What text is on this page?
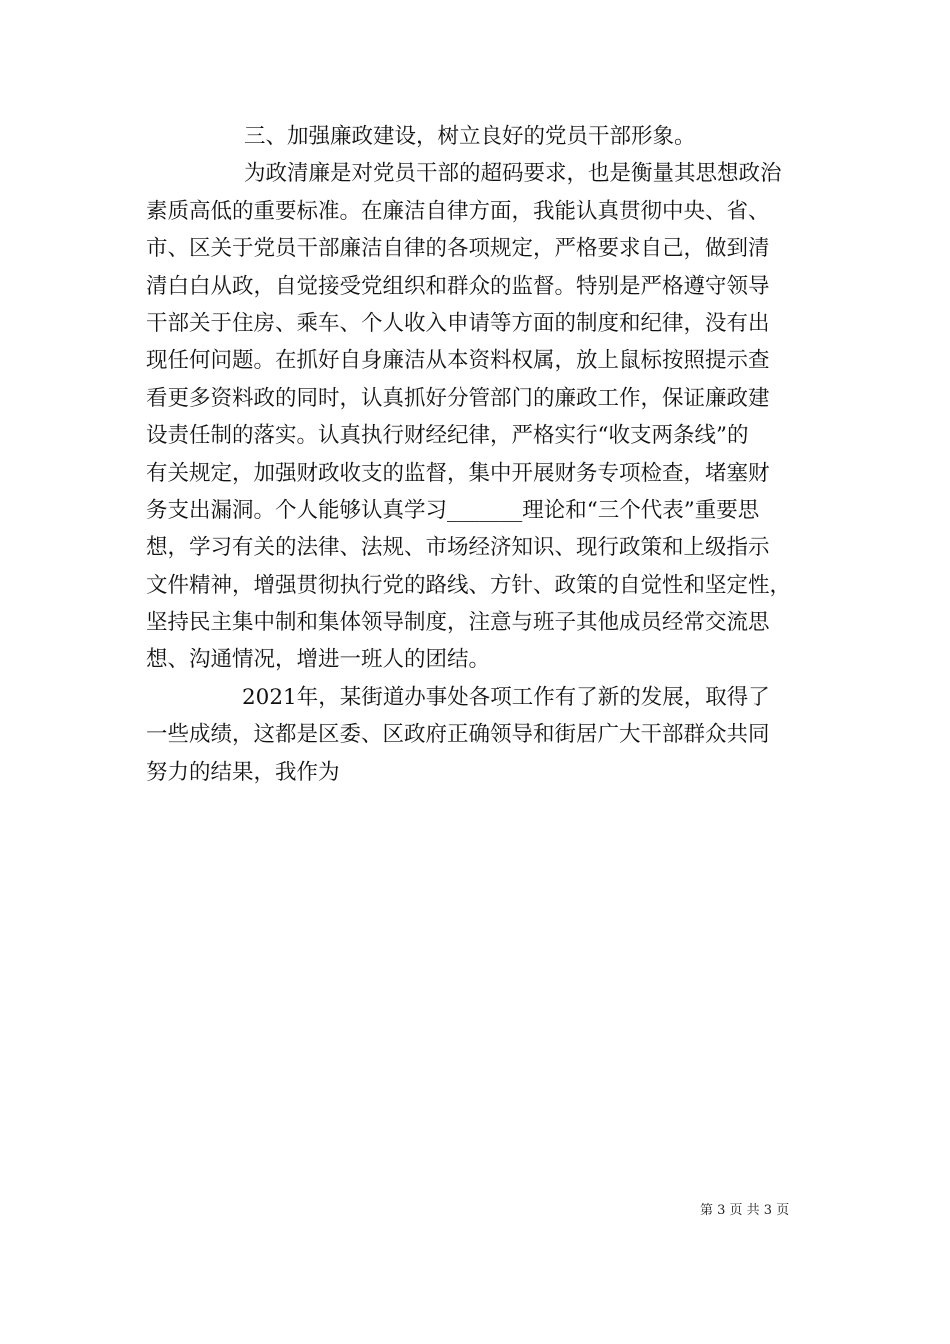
三、加强廉政建设，树立良好的党员干部形象。
为政清廉是对党员干部的超码要求，也是衡量其思想政治
素质高低的重要标准。在廉洁自律方面，我能认真贯彻中央、省、
市、区关于党员干部廉洁自律的各项规定，严格要求自己，做到清
清白白从政，自觉接受党组织和群众的监督。特别是严格遵守领导
干部关于住房、乘车、个人收入申请等方面的制度和纪律，没有出
现任何问题。在抓好自身廉洁从本资料权属，放上鼠标按照提示查
看更多资料政的同时，认真抓好分管部门的廉政工作，保证廉政建
设责任制的落实。认真执行财经纪律，严格实行“收支两条线”的
有关规定，加强财政收支的监督，集中开展财务专项检查，堵塞财
务支出漏洞。个人能够认真学习_______理论和“三个代表”重要思
想，学习有关的法律、法规、市场经济知识、现行政策和上级指示
文件精神，增强贯彻执行党的路线、方针、政策的自觉性和坚定性，
坚持民主集中制和集体领导制度，注意与班子其他成员经常交流思
想、沟通情况，增进一班人的团结。
2021年，某街道办事处各项工作有了新的发展，取得了
一些成绩，这都是区委、区政府正确领导和街居广大干部群众共同
努力的结果，我作为
第 3 页 共 3 页
